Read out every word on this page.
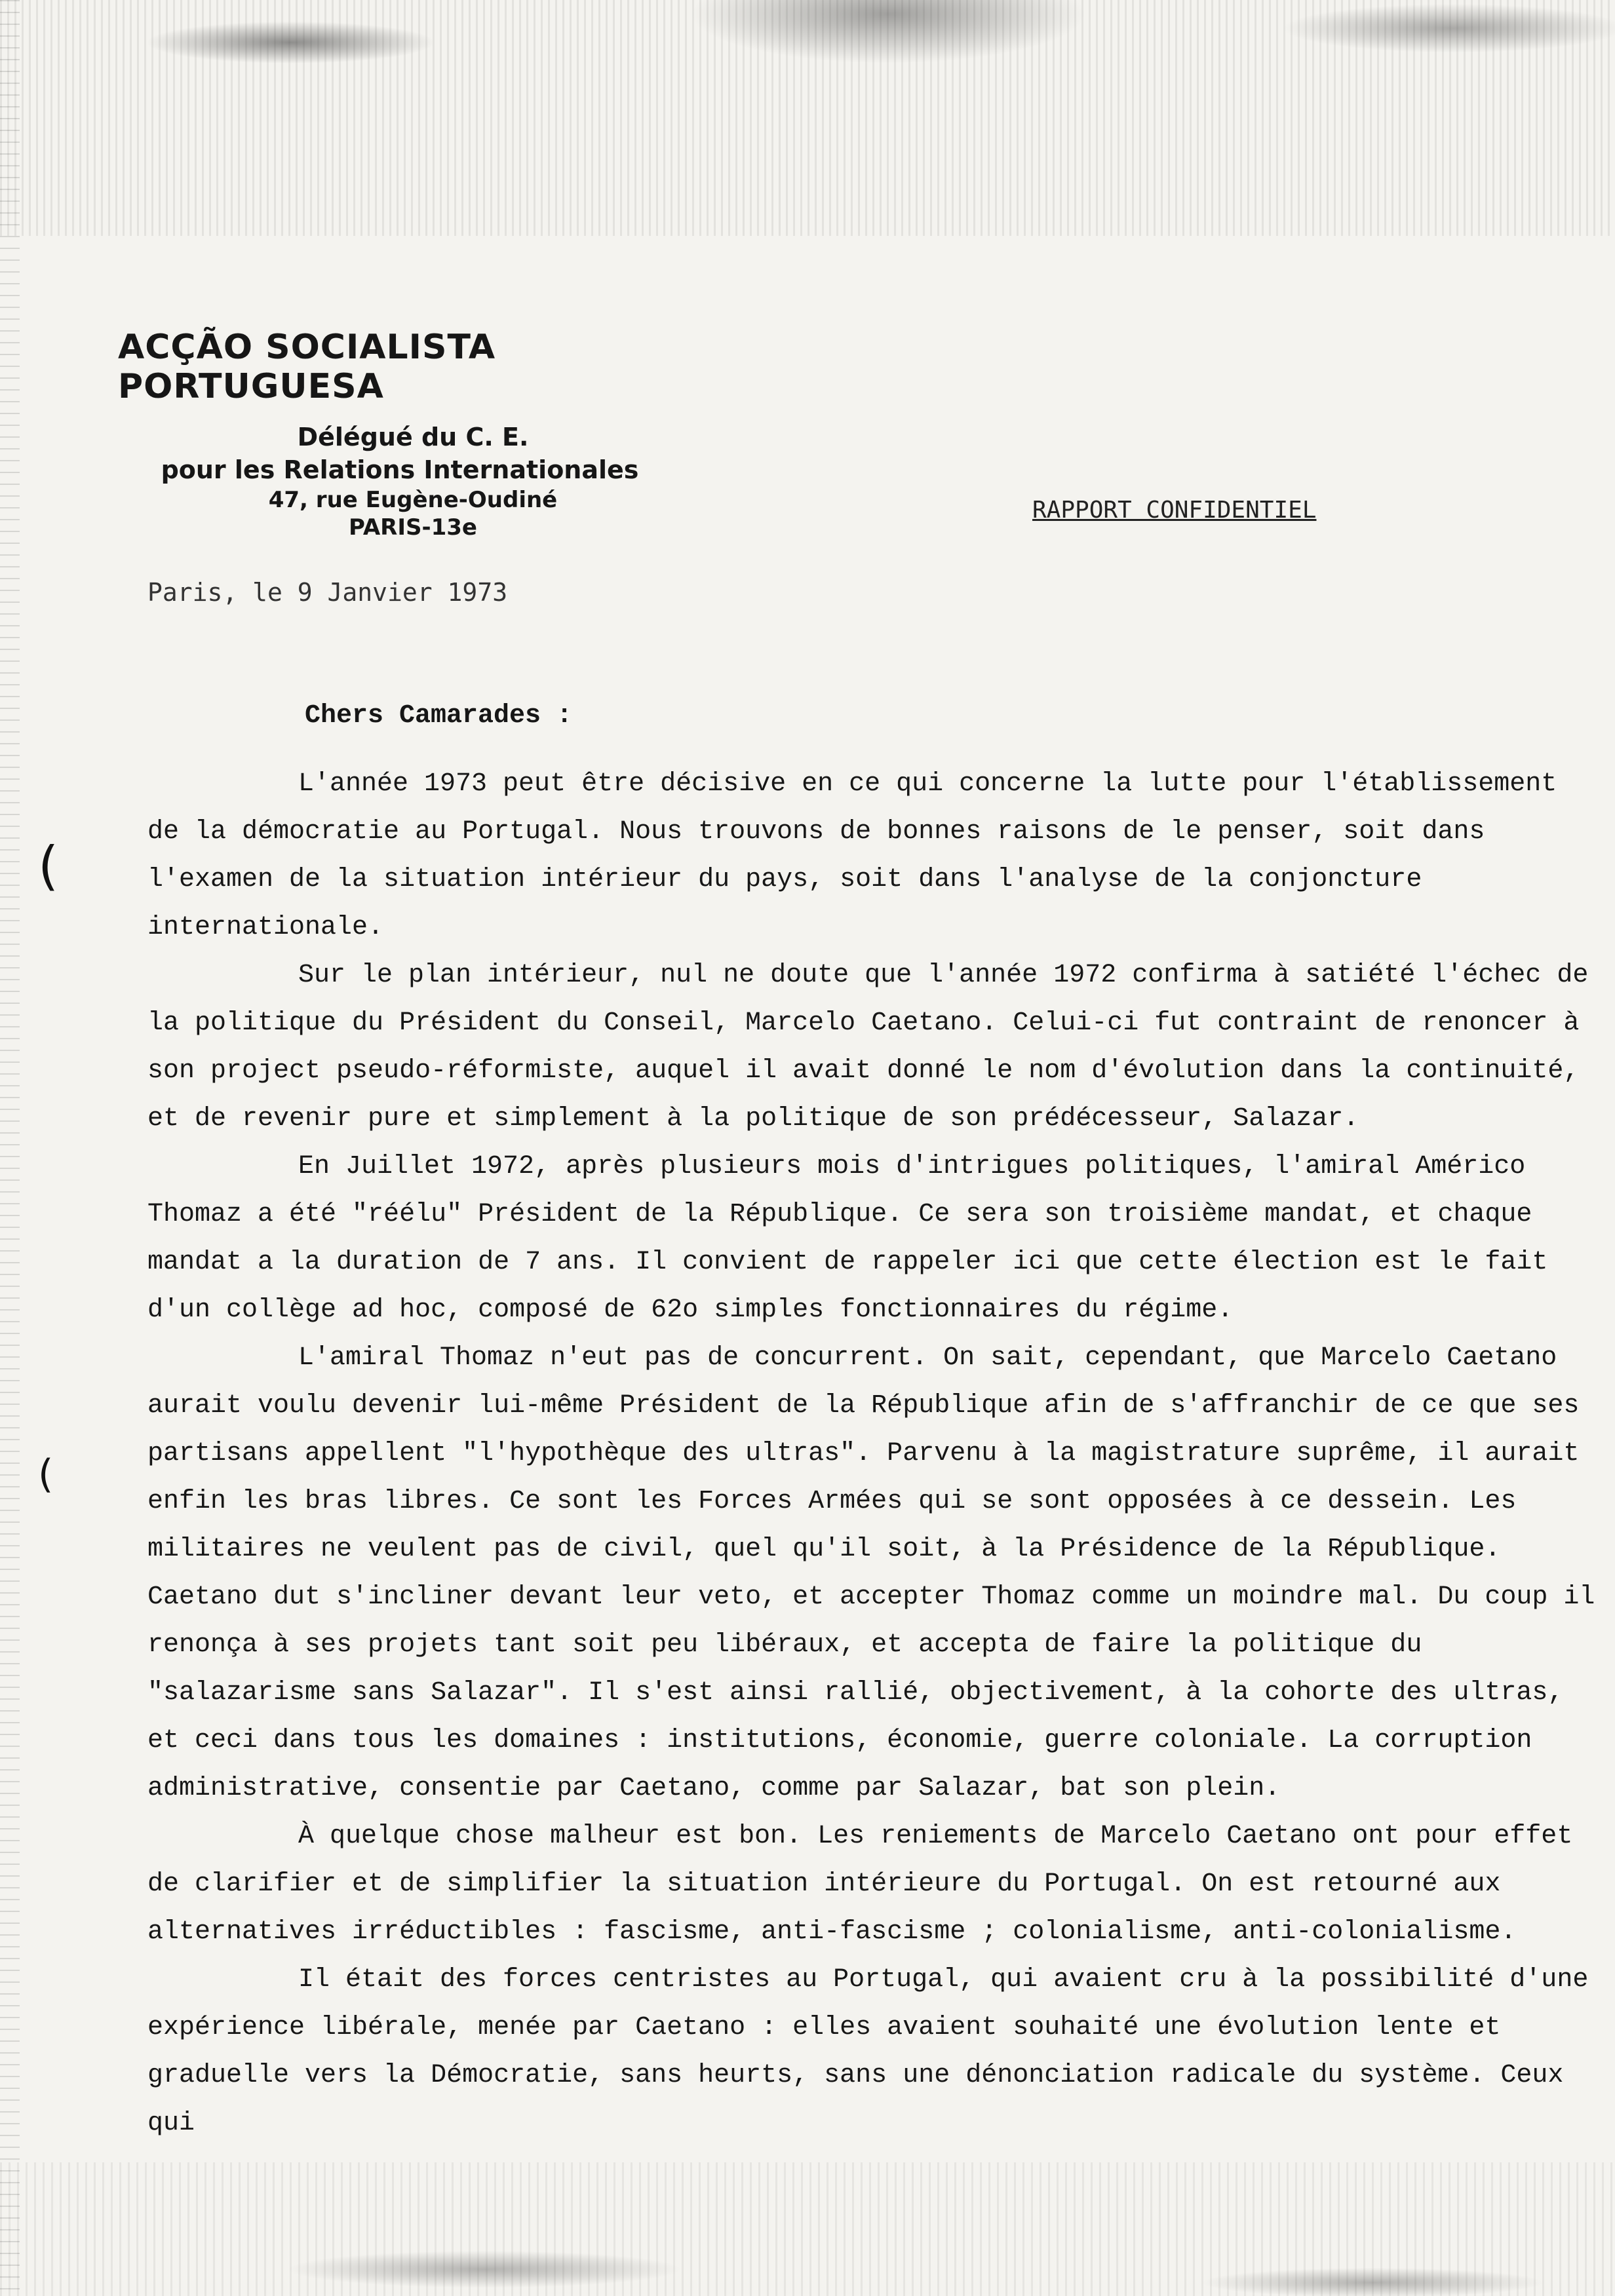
ACÇÃO SOCIALISTA PORTUGUESA
Délégué du C. E.
pour les Relations Internationales
47, rue Eugène-Oudiné
PARIS-13e
RAPPORT CONFIDENTIEL
Paris, le 9 Janvier 1973
Chers Camarades :

L'année 1973 peut être décisive en ce qui concerne la lutte pour l'établissement de la démocratie au Portugal. Nous trouvons de bonnes raisons de le penser, soit dans l'examen de la situation intérieur du pays, soit dans l'analyse de la conjoncture internationale.

Sur le plan intérieur, nul ne doute que l'année 1972 confirma à satiété l'échec de la politique du Président du Conseil, Marcelo Caetano. Celui-ci fut contraint de renoncer à son project pseudo-réformiste, auquel il avait donné le nom d'évolution dans la continuité, et de revenir pure et simplement à la politique de son prédécesseur, Salazar.

En Juillet 1972, après plusieurs mois d'intrigues politiques, l'amiral Américo Thomaz a été "réélu" Président de la République. Ce sera son troisième mandat, et chaque mandat a la duration de 7 ans. Il convient de rappeler ici que cette élection est le fait d'un collège ad hoc, composé de 62o simples fonctionnaires du régime.

L'amiral Thomaz n'eut pas de concurrent. On sait, cependant, que Marcelo Caetano aurait voulu devenir lui-même Président de la République afin de s'affranchir de ce que ses partisans appellent "l'hypothèque des ultras". Parvenu à la magistrature suprême, il aurait enfin les bras libres. Ce sont les Forces Armées qui se sont opposées à ce dessein. Les militaires ne veulent pas de civil, quel qu'il soit, à la Présidence de la République. Caetano dut s'incliner devant leur veto, et accepter Thomaz comme un moindre mal. Du coup il renonça à ses projets tant soit peu libéraux, et accepta de faire la politique du "salazarisme sans Salazar". Il s'est ainsi rallié, objectivement, à la cohorte des ultras, et ceci dans tous les domaines : institutions, économie, guerre coloniale. La corruption administrative, consentie par Caetano, comme par Salazar, bat son plein.

À quelque chose malheur est bon. Les reniements de Marcelo Caetano ont pour effet de clarifier et de simplifier la situation intérieure du Portugal. On est retourné aux alternatives irréductibles : fascisme, anti-fascisme ; colonialisme, anti-colonialisme.

Il était des forces centristes au Portugal, qui avaient cru à la possibilité d'une expérience libérale, menée par Caetano : elles avaient souhaité une évolution lente et graduelle vers la Démocratie, sans heurts, sans une dénonciation radicale du système. Ceux qui

(
(
